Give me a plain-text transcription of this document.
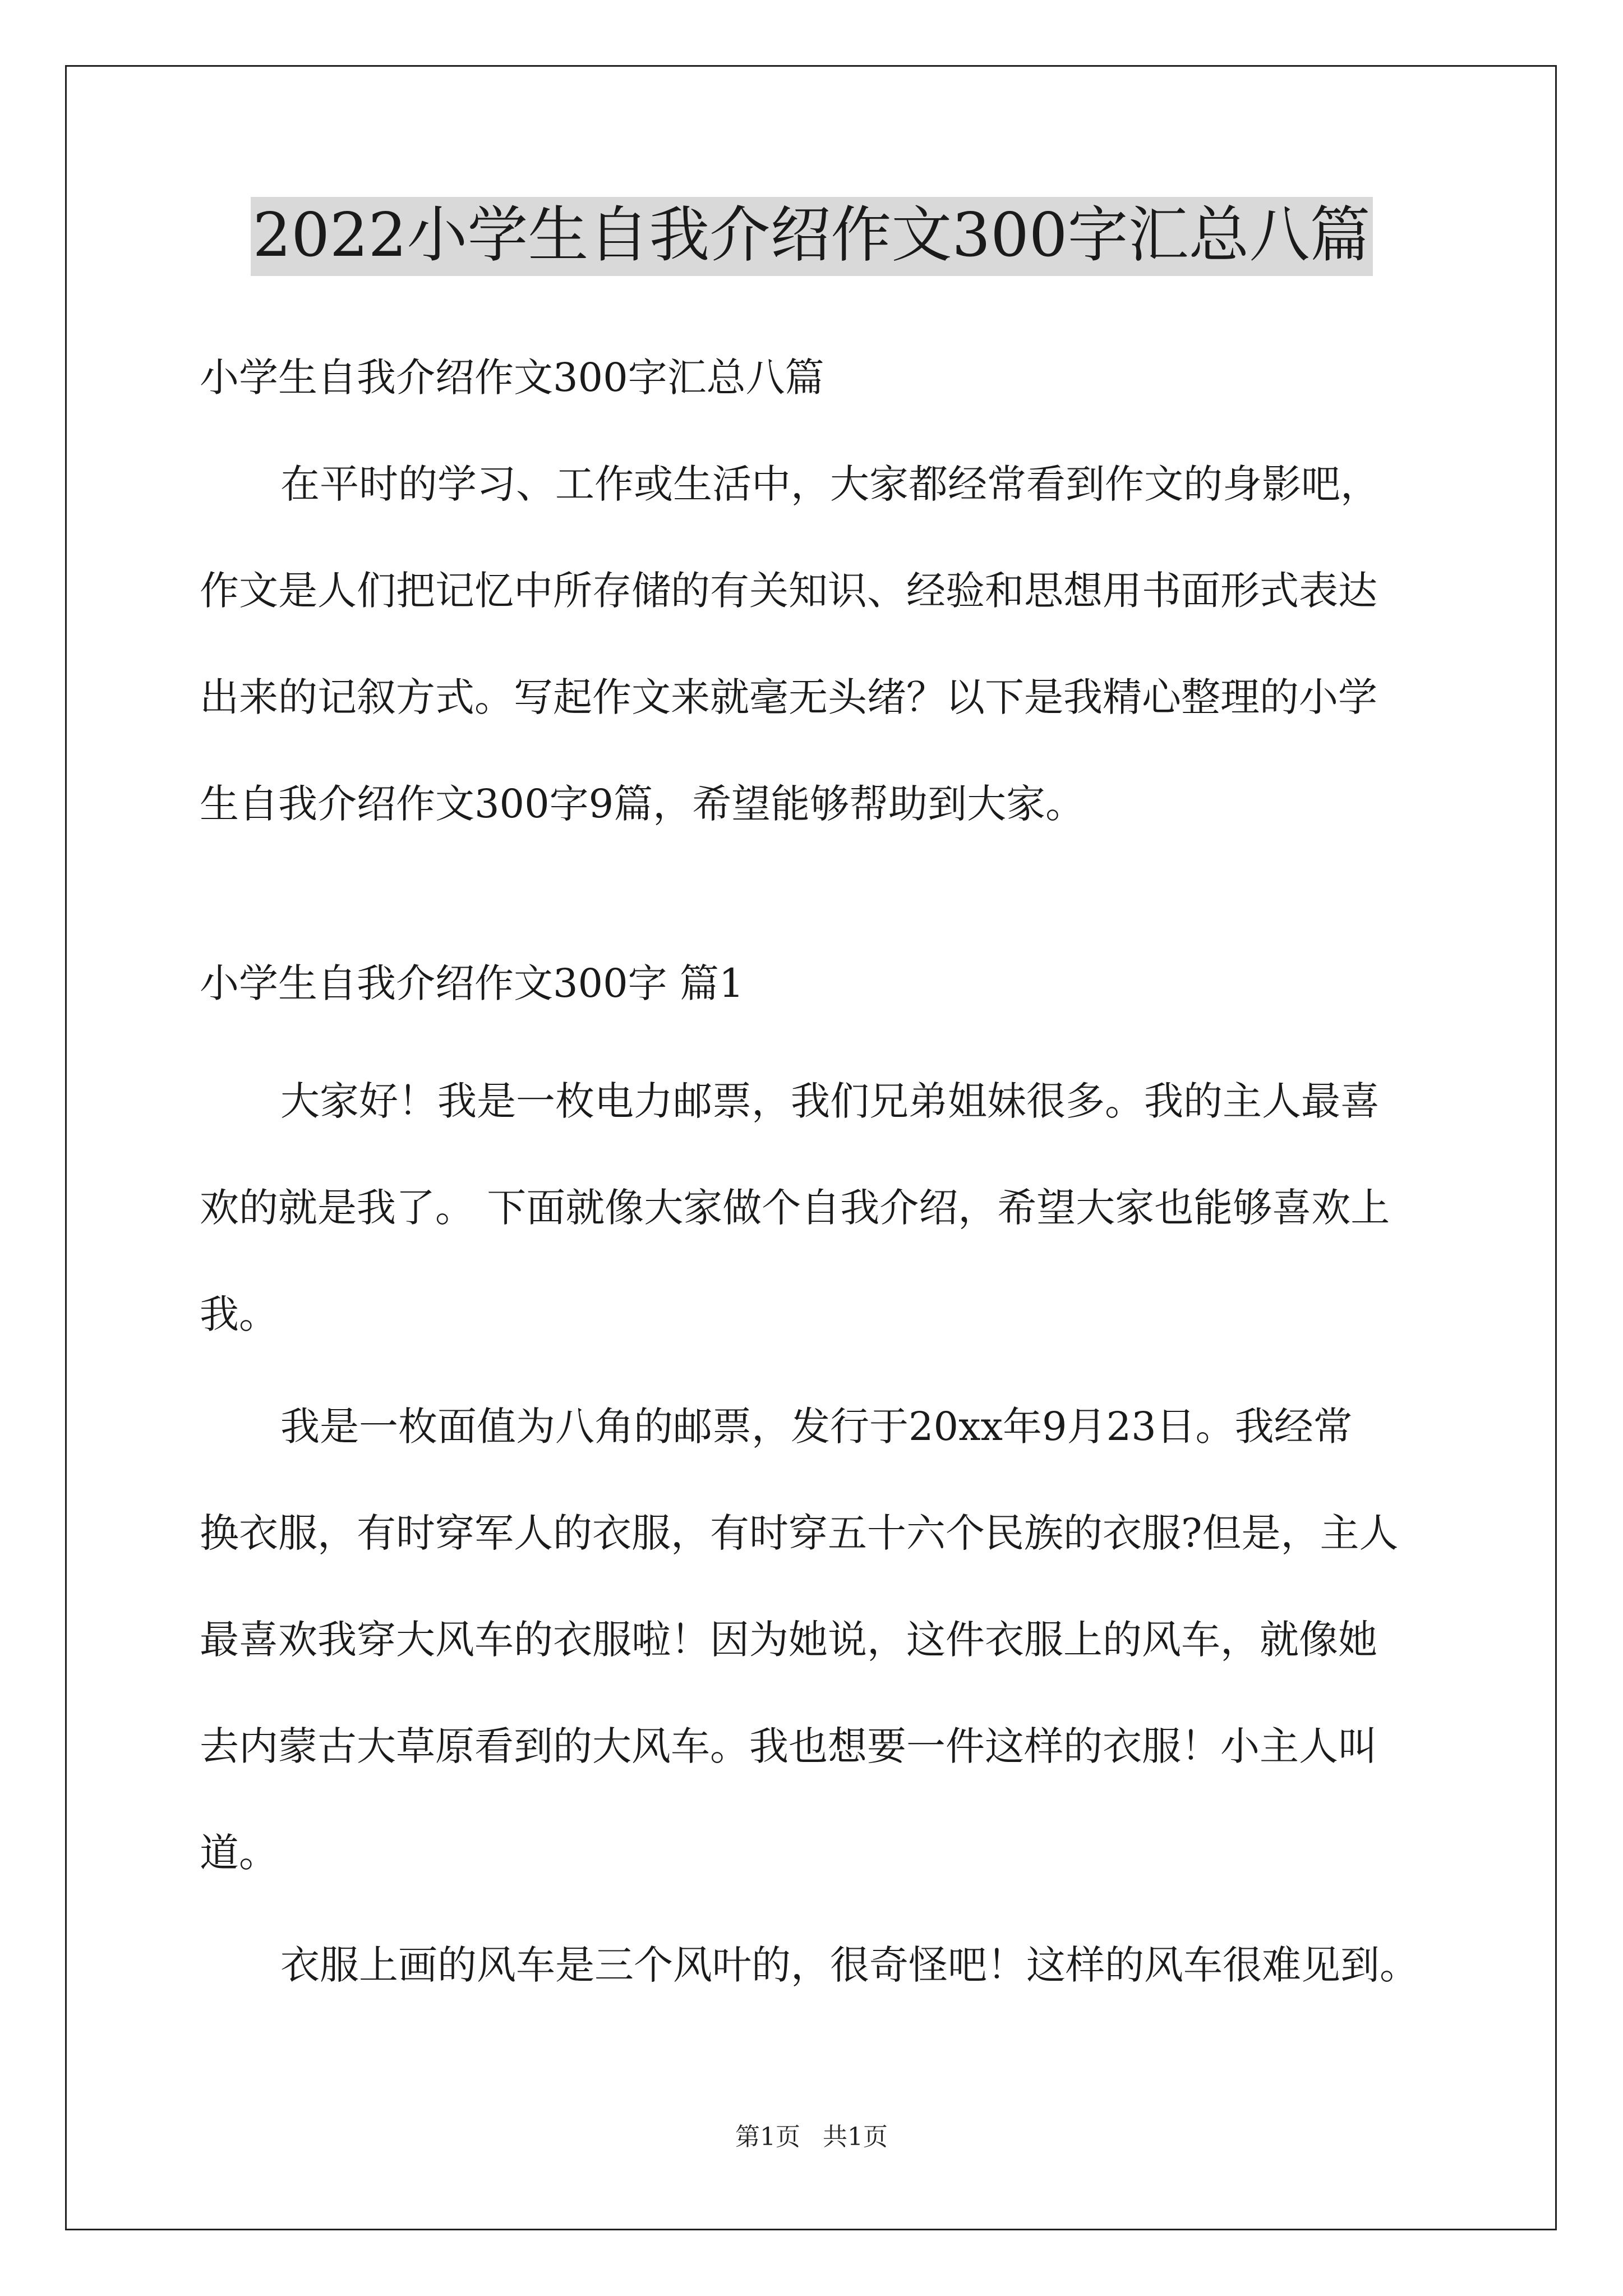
2022小学生自我介绍作文300字汇总八篇
小学生自我介绍作文300字汇总八篇
在平时的学习、工作或生活中，大家都经常看到作文的身影吧，
作文是人们把记忆中所存储的有关知识、经验和思想用书面形式表达
出来的记叙方式。写起作文来就毫无头绪？以下是我精心整理的小学
生自我介绍作文300字9篇，希望能够帮助到大家。
小学生自我介绍作文300字 篇1
大家好！我是一枚电力邮票，我们兄弟姐妹很多。我的主人最喜
欢的就是我了。 下面就像大家做个自我介绍，希望大家也能够喜欢上
我。
我是一枚面值为八角的邮票，发行于20xx年9月23日。我经常
换衣服，有时穿军人的衣服，有时穿五十六个民族的衣服?但是，主人
最喜欢我穿大风车的衣服啦！因为她说，这件衣服上的风车，就像她
去内蒙古大草原看到的大风车。我也想要一件这样的衣服！小主人叫
道。
衣服上画的风车是三个风叶的，很奇怪吧！这样的风车很难见到。
第1页 共1页
